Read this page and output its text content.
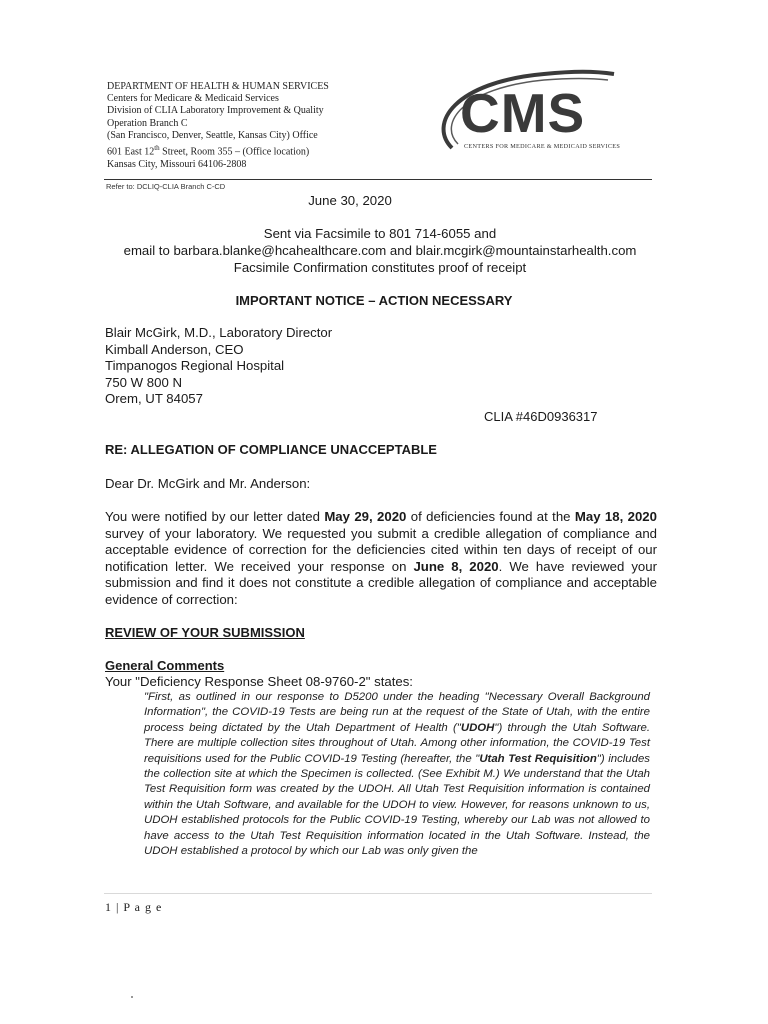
DEPARTMENT OF HEALTH & HUMAN SERVICES
Centers for Medicare & Medicaid Services
Division of CLIA Laboratory Improvement & Quality
Operation Branch C
(San Francisco, Denver, Seattle, Kansas City) Office
601 East 12th Street, Room 355 – (Office location)
Kansas City, Missouri 64106-2808
CMS
CENTERS FOR MEDICARE & MEDICAID SERVICES
Refer to: DCLIQ-CLIA Branch C-CD
June 30, 2020
Sent via Facsimile to 801 714-6055 and
email to barbara.blanke@hcahealthcare.com and blair.mcgirk@mountainstarhealth.com
Facsimile Confirmation constitutes proof of receipt
IMPORTANT NOTICE – ACTION NECESSARY
Blair McGirk, M.D., Laboratory Director
Kimball Anderson, CEO
Timpanogos Regional Hospital
750 W 800 N
Orem, UT 84057
CLIA #46D0936317
RE: ALLEGATION OF COMPLIANCE UNACCEPTABLE
Dear Dr. McGirk and Mr. Anderson:
You were notified by our letter dated May 29, 2020 of deficiencies found at the May 18, 2020 survey of your laboratory. We requested you submit a credible allegation of compliance and acceptable evidence of correction for the deficiencies cited within ten days of receipt of our notification letter. We received your response on June 8, 2020. We have reviewed your submission and find it does not constitute a credible allegation of compliance and acceptable evidence of correction:
REVIEW OF YOUR SUBMISSION
General Comments
Your "Deficiency Response Sheet 08-9760-2" states:
"First, as outlined in our response to D5200 under the heading "Necessary Overall Background Information", the COVID-19 Tests are being run at the request of the State of Utah, with the entire process being dictated by the Utah Department of Health ("UDOH") through the Utah Software. There are multiple collection sites throughout of Utah. Among other information, the COVID-19 Test requisitions used for the Public COVID-19 Testing (hereafter, the "Utah Test Requisition") includes the collection site at which the Specimen is collected. (See Exhibit M.) We understand that the Utah Test Requisition form was created by the UDOH. All Utah Test Requisition information is contained within the Utah Software, and available for the UDOH to view. However, for reasons unknown to us, UDOH established protocols for the Public COVID-19 Testing, whereby our Lab was not allowed to have access to the Utah Test Requisition information located in the Utah Software. Instead, the UDOH established a protocol by which our Lab was only given the
1 | P a g e
